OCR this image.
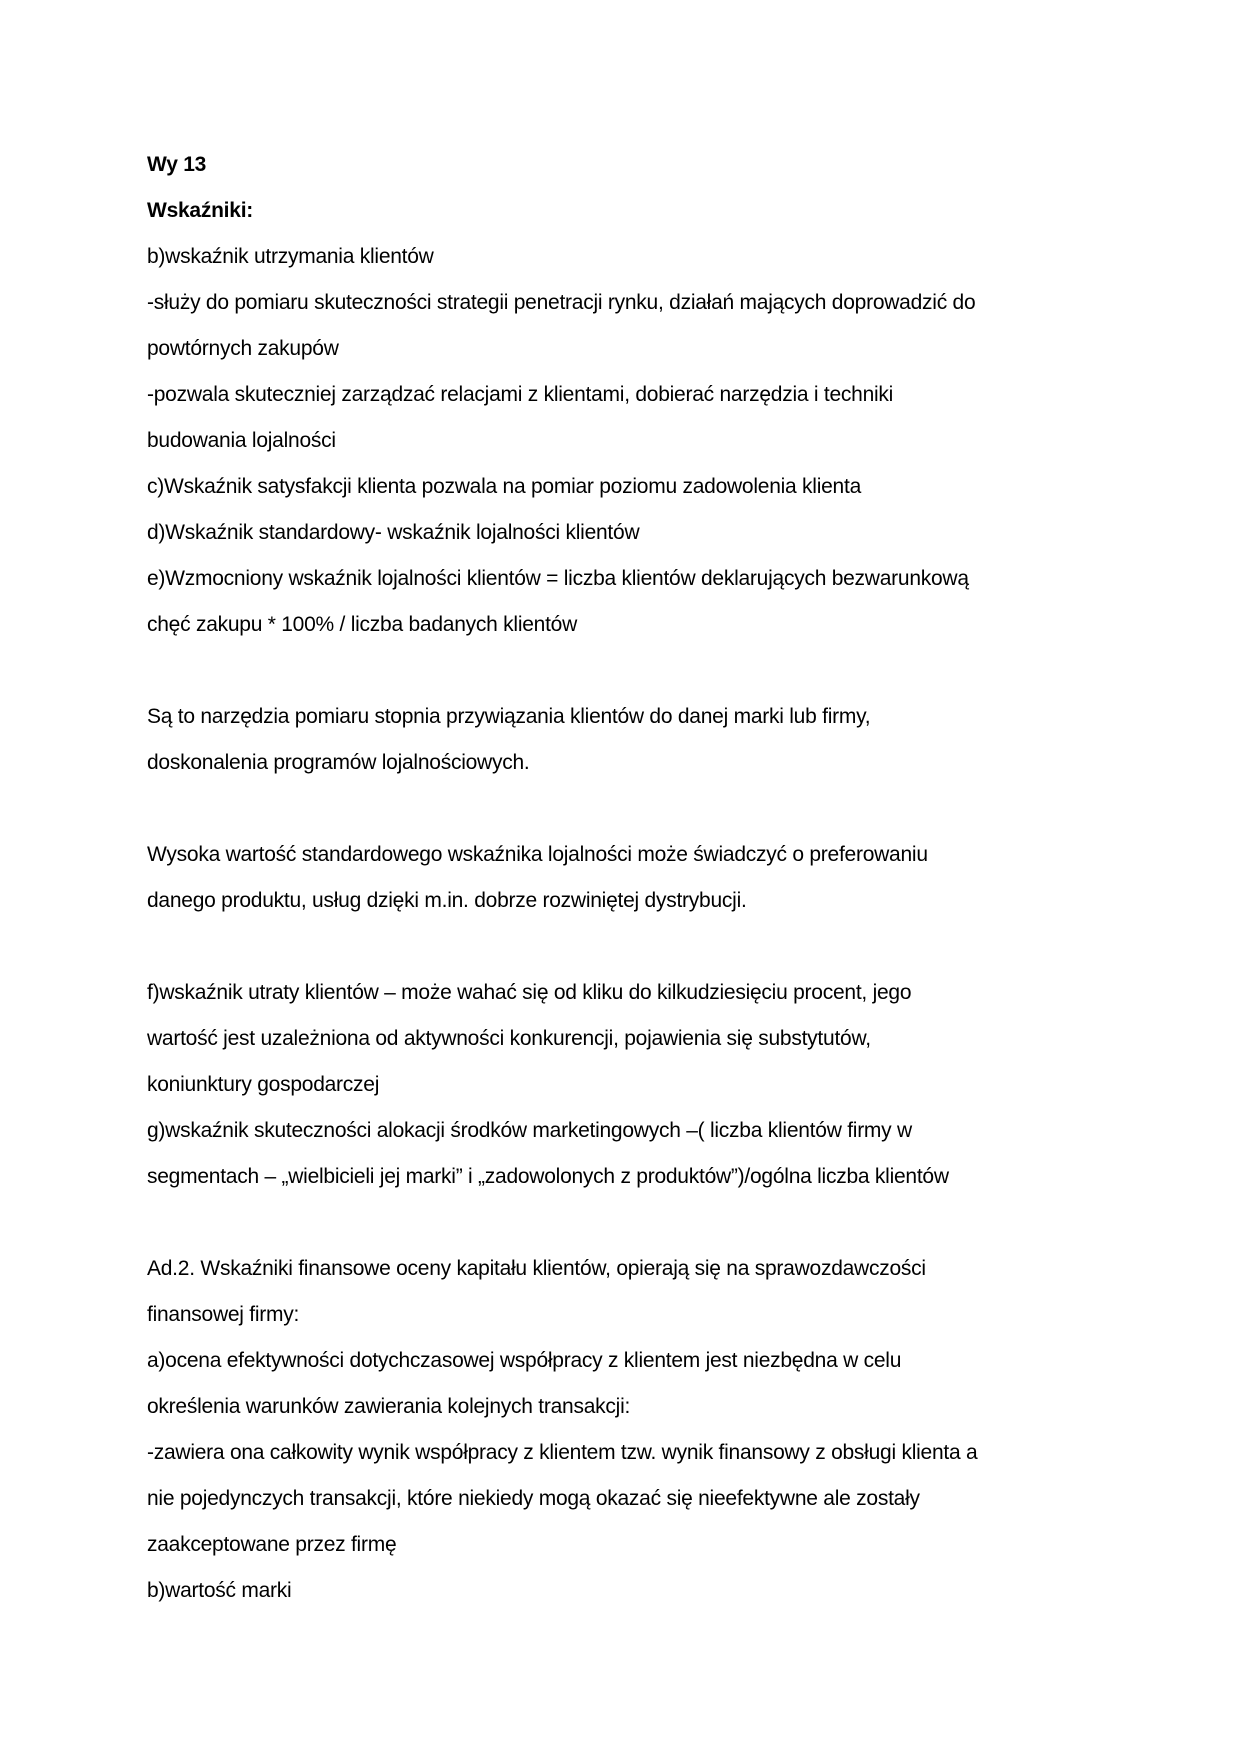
Wy 13
Wskaźniki:
b)wskaźnik utrzymania klientów
-służy do pomiaru skuteczności strategii penetracji rynku, działań mających doprowadzić do
powtórnych zakupów
-pozwala skuteczniej zarządzać relacjami z klientami, dobierać narzędzia i techniki
budowania lojalności
c)Wskaźnik satysfakcji klienta pozwala na pomiar poziomu zadowolenia klienta
d)Wskaźnik standardowy- wskaźnik lojalności klientów
e)Wzmocniony wskaźnik lojalności klientów = liczba klientów deklarujących bezwarunkową
chęć zakupu * 100% / liczba badanych klientów
Są to narzędzia pomiaru stopnia przywiązania klientów do danej marki lub firmy,
doskonalenia programów lojalnościowych.
Wysoka wartość standardowego wskaźnika lojalności może świadczyć o preferowaniu
danego produktu, usług dzięki m.in. dobrze rozwiniętej dystrybucji.
f)wskaźnik utraty klientów – może wahać się od kliku do kilkudziesięciu procent, jego
wartość jest uzależniona od aktywności konkurencji, pojawienia się substytutów,
koniunktury gospodarczej
g)wskaźnik skuteczności alokacji środków marketingowych –( liczba klientów firmy w
segmentach – „wielbicieli jej marki” i „zadowolonych z produktów”)/ogólna liczba klientów
Ad.2. Wskaźniki finansowe oceny kapitału klientów, opierają się na sprawozdawczości
finansowej firmy:
a)ocena efektywności dotychczasowej współpracy z klientem jest niezbędna w celu
określenia warunków zawierania kolejnych transakcji:
-zawiera ona całkowity wynik współpracy z klientem tzw. wynik finansowy z obsługi klienta a
nie pojedynczych transakcji, które niekiedy mogą okazać się nieefektywne ale zostały
zaakceptowane przez firmę
b)wartość marki
